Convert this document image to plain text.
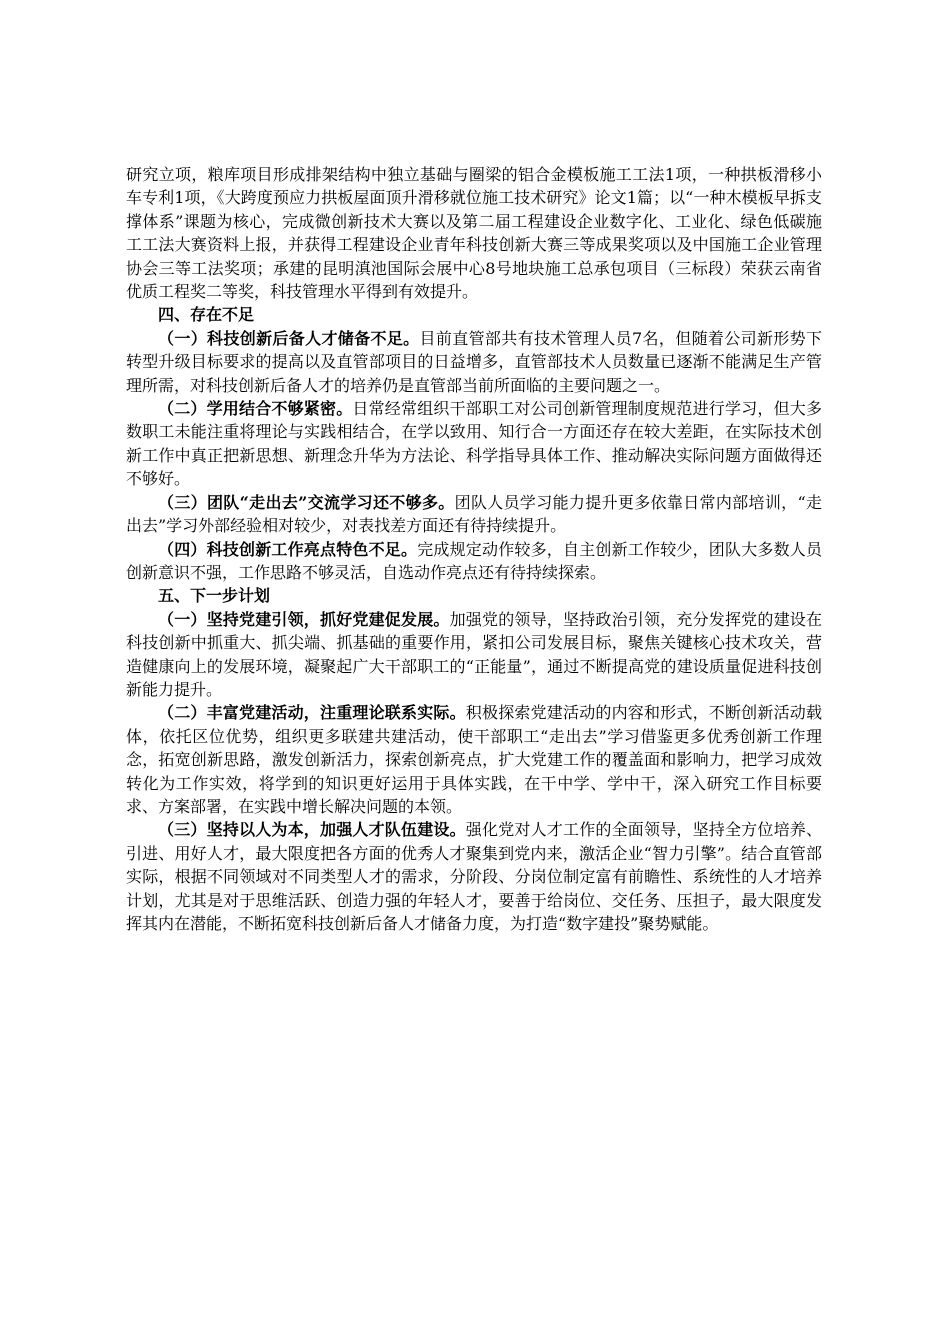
研究立项，粮库项目形成排架结构中独立基础与圈梁的铝合金模板施工工法1项，一种拱板滑移小车专利1项，《大跨度预应力拱板屋面顶升滑移就位施工技术研究》论文1篇；以“一种木模板早拆支撑体系”课题为核心，完成微创新技术大赛以及第二届工程建设企业数字化、工业化、绿色低碳施工工法大赛资料上报，并获得工程建设企业青年科技创新大赛三等成果奖项以及中国施工企业管理协会三等工法奖项；承建的昆明滇池国际会展中心8号地块施工总承包项目（三标段）荣获云南省优质工程奖二等奖，科技管理水平得到有效提升。

四、存在不足

（一）科技创新后备人才储备不足。目前直管部共有技术管理人员7名，但随着公司新形势下转型升级目标要求的提高以及直管部项目的日益增多，直管部技术人员数量已逐渐不能满足生产管理所需，对科技创新后备人才的培养仍是直管部当前所面临的主要问题之一。

（二）学用结合不够紧密。日常经常组织干部职工对公司创新管理制度规范进行学习，但大多数职工未能注重将理论与实践相结合，在学以致用、知行合一方面还存在较大差距，在实际技术创新工作中真正把新思想、新理念升华为方法论、科学指导具体工作、推动解决实际问题方面做得还不够好。

（三）团队“走出去”交流学习还不够多。团队人员学习能力提升更多依靠日常内部培训，“走出去”学习外部经验相对较少，对表找差方面还有待持续提升。

（四）科技创新工作亮点特色不足。完成规定动作较多，自主创新工作较少，团队大多数人员创新意识不强，工作思路不够灵活，自选动作亮点还有待持续探索。

五、下一步计划

（一）坚持党建引领，抓好党建促发展。加强党的领导，坚持政治引领，充分发挥党的建设在科技创新中抓重大、抓尖端、抓基础的重要作用，紧扣公司发展目标，聚焦关键核心技术攻关，营造健康向上的发展环境，凝聚起广大干部职工的“正能量”，通过不断提高党的建设质量促进科技创新能力提升。

（二）丰富党建活动，注重理论联系实际。积极探索党建活动的内容和形式，不断创新活动载体，依托区位优势，组织更多联建共建活动，使干部职工“走出去”学习借鉴更多优秀创新工作理念，拓宽创新思路，激发创新活力，探索创新亮点，扩大党建工作的覆盖面和影响力，把学习成效转化为工作实效，将学到的知识更好运用于具体实践，在干中学、学中干，深入研究工作目标要求、方案部署，在实践中增长解决问题的本领。

（三）坚持以人为本，加强人才队伍建设。强化党对人才工作的全面领导，坚持全方位培养、引进、用好人才，最大限度把各方面的优秀人才聚集到党内来，激活企业“智力引擎”。结合直管部实际，根据不同领域对不同类型人才的需求，分阶段、分岗位制定富有前瞻性、系统性的人才培养计划，尤其是对于思维活跃、创造力强的年轻人才，要善于给岗位、交任务、压担子，最大限度发挥其内在潜能，不断拓宽科技创新后备人才储备力度，为打造“数字建投”聚势赋能。
